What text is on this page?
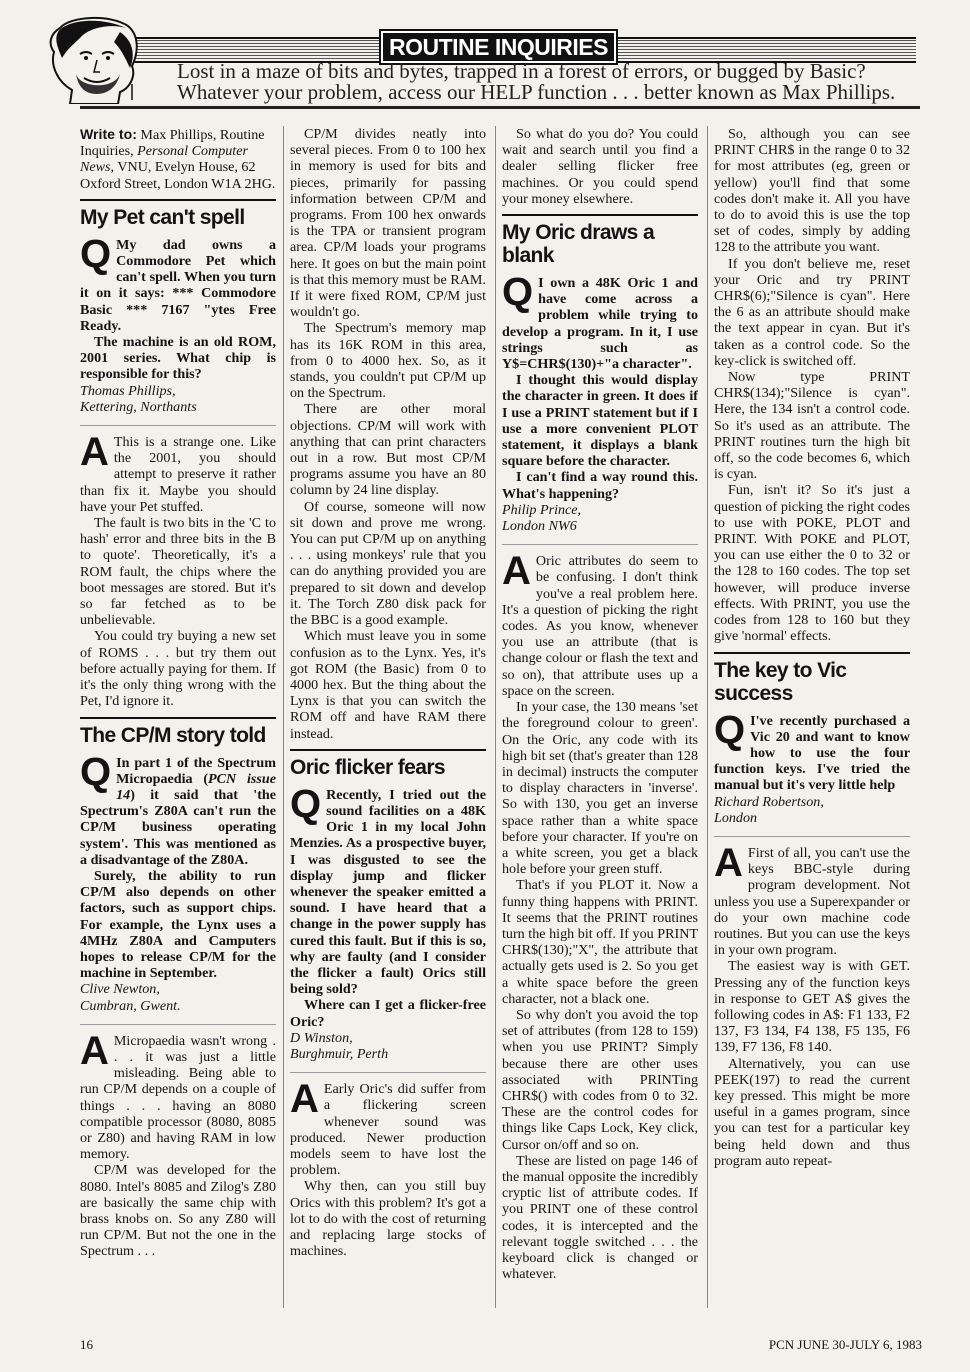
ROUTINE INQUIRIES
Lost in a maze of bits and bytes, trapped in a forest of errors, or bugged by Basic?
Whatever your problem, access our HELP function . . . better known as Max Phillips.

Write to: Max Phillips, Routine Inquiries, Personal Computer News, VNU, Evelyn House, 62 Oxford Street, London W1A 2HG.

My Pet can't spell

Q My dad owns a Commodore Pet which can't spell. When you turn it on it says: *** Commodore Basic *** 7167 "ytes Free Ready.

The machine is an old ROM, 2001 series. What chip is responsible for this?

Thomas Phillips,

Kettering, Northants

A This is a strange one. Like the 2001, you should attempt to preserve it rather than fix it. Maybe you should have your Pet stuffed.

The fault is two bits in the 'C to hash' error and three bits in the B to quote'. Theoretically, it's a ROM fault, the chips where the boot messages are stored. But it's so far fetched as to be unbelievable.

You could try buying a new set of ROMS . . . but try them out before actually paying for them. If it's the only thing wrong with the Pet, I'd ignore it.

The CP/M story told

Q In part 1 of the Spectrum Micropaedia (PCN issue 14) it said that 'the Spectrum's Z80A can't run the CP/M business operating system'. This was mentioned as a disadvantage of the Z80A.

Surely, the ability to run CP/M also depends on other factors, such as support chips. For example, the Lynx uses a 4MHz Z80A and Camputers hopes to release CP/M for the machine in September.

Clive Newton,

Cumbran, Gwent.

A Micropaedia wasn't wrong . . . it was just a little misleading. Being able to run CP/M depends on a couple of things . . . having an 8080 compatible processor (8080, 8085 or Z80) and having RAM in low memory.

CP/M was developed for the 8080. Intel's 8085 and Zilog's Z80 are basically the same chip with brass knobs on. So any Z80 will run CP/M. But not the one in the Spectrum . . .

CP/M divides neatly into several pieces. From 0 to 100 hex in memory is used for bits and pieces, primarily for passing information between CP/M and programs. From 100 hex onwards is the TPA or transient program area. CP/M loads your programs here. It goes on but the main point is that this memory must be RAM. If it were fixed ROM, CP/M just wouldn't go.

The Spectrum's memory map has its 16K ROM in this area, from 0 to 4000 hex. So, as it stands, you couldn't put CP/M up on the Spectrum.

There are other moral objections. CP/M will work with anything that can print characters out in a row. But most CP/M programs assume you have an 80 column by 24 line display.

Of course, someone will now sit down and prove me wrong. You can put CP/M up on anything . . . using monkeys' rule that you can do anything provided you are prepared to sit down and develop it. The Torch Z80 disk pack for the BBC is a good example.

Which must leave you in some confusion as to the Lynx. Yes, it's got ROM (the Basic) from 0 to 4000 hex. But the thing about the Lynx is that you can switch the ROM off and have RAM there instead.

Oric flicker fears

Q Recently, I tried out the sound facilities on a 48K Oric 1 in my local John Menzies. As a prospective buyer, I was disgusted to see the display jump and flicker whenever the speaker emitted a sound. I have heard that a change in the power supply has cured this fault. But if this is so, why are faulty (and I consider the flicker a fault) Orics still being sold?

Where can I get a flicker-free Oric?

D Winston,

Burghmuir, Perth

A Early Oric's did suffer from a flickering screen whenever sound was produced. Newer production models seem to have lost the problem.

Why then, can you still buy Orics with this problem? It's got a lot to do with the cost of returning and replacing large stocks of machines.

So what do you do? You could wait and search until you find a dealer selling flicker free machines. Or you could spend your money elsewhere.

My Oric draws a blank

Q I own a 48K Oric 1 and have come across a problem while trying to develop a program. In it, I use strings such as Y$=CHR$(130)+"a character".

I thought this would display the character in green. It does if I use a PRINT statement but if I use a more convenient PLOT statement, it displays a blank square before the character.

I can't find a way round this. What's happening?

Philip Prince,

London NW6

A Oric attributes do seem to be confusing. I don't think you've a real problem here. It's a question of picking the right codes. As you know, whenever you use an attribute (that is change colour or flash the text and so on), that attribute uses up a space on the screen.

In your case, the 130 means 'set the foreground colour to green'. On the Oric, any code with its high bit set (that's greater than 128 in decimal) instructs the computer to display characters in 'inverse'. So with 130, you get an inverse space rather than a white space before your character. If you're on a white screen, you get a black hole before your green stuff.

That's if you PLOT it. Now a funny thing happens with PRINT. It seems that the PRINT routines turn the high bit off. If you PRINT CHR$(130);"X", the attribute that actually gets used is 2. So you get a white space before the green character, not a black one.

So why don't you avoid the top set of attributes (from 128 to 159) when you use PRINT? Simply because there are other uses associated with PRINTing CHR$() with codes from 0 to 32. These are the control codes for things like Caps Lock, Key click, Cursor on/off and so on.

These are listed on page 146 of the manual opposite the incredibly cryptic list of attribute codes. If you PRINT one of these control codes, it is intercepted and the relevant toggle switched . . . the keyboard click is changed or whatever.

So, although you can see PRINT CHR$ in the range 0 to 32 for most attributes (eg, green or yellow) you'll find that some codes don't make it. All you have to do to avoid this is use the top set of codes, simply by adding 128 to the attribute you want.

If you don't believe me, reset your Oric and try PRINT CHR$(6);"Silence is cyan". Here the 6 as an attribute should make the text appear in cyan. But it's taken as a control code. So the key-click is switched off.

Now type PRINT CHR$(134);"Silence is cyan". Here, the 134 isn't a control code. So it's used as an attribute. The PRINT routines turn the high bit off, so the code becomes 6, which is cyan.

Fun, isn't it? So it's just a question of picking the right codes to use with POKE, PLOT and PRINT. With POKE and PLOT, you can use either the 0 to 32 or the 128 to 160 codes. The top set however, will produce inverse effects. With PRINT, you use the codes from 128 to 160 but they give 'normal' effects.

The key to Vic success

Q I've recently purchased a Vic 20 and want to know how to use the four function keys. I've tried the manual but it's very little help

Richard Robertson,

London

A First of all, you can't use the keys BBC-style during program development. Not unless you use a Superexpander or do your own machine code routines. But you can use the keys in your own program.

The easiest way is with GET. Pressing any of the function keys in response to GET A$ gives the following codes in A$: F1 133, F2 137, F3 134, F4 138, F5 135, F6 139, F7 136, F8 140.

Alternatively, you can use PEEK(197) to read the current key pressed. This might be more useful in a games program, since you can test for a particular key being held down and thus program auto repeat-

16	PCN JUNE 30-JULY 6, 1983
